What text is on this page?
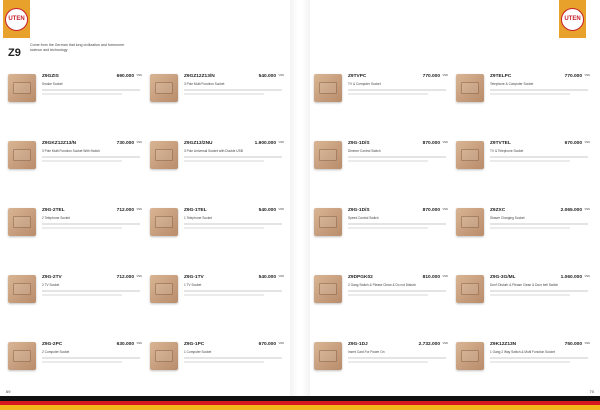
UTEN
Z9
Come from the German that long civilization and forerunner science and technology
Z9GZIS	690.000 VND
Smoke Socket
Z9GZ12Z13/N	540.000 VND
3 Pole Multi Function Socket
Z9GKZ12Z13/N	730.000 VND
3 Pole Multi Function Socket With Switch
Z9GZ13/2NU	1.900.000 VND
3 Pole Universal Socket with Double USB
Z9G-2TEL	712.000 VND
2 Telephone Socket
Z9G-1TEL	540.000 VND
1 Telephone Socket
Z9G-2TV	712.000 VND
2 TV Socket
Z9G-1TV	540.000 VND
1 TV Socket
Z9G-2PC	630.000 VND
2 Computer Socket
Z9G-1PC	670.000 VND
1 Computer Socket
69
UTEN
Z9TVPC	770.000 VND
TV & Computer Socket
Z9TELPC	770.000 VND
Telephone & Computer Socket
Z9G-1D/S	870.000 VND
Dimmer Control Switch
Z9TVTEL	670.000 VND
TV & Telephone Socket
Z9G-1D/S	870.000 VND
Speed Control Switch
Z9ZXC	2.065.000 VND
Shaver Charging Socket
Z9DPGK02	810.000 VND
2 Gang Switch & Please Clean & Do not Disturb
Z9G-3G/ML	1.060.000 VND
Don't Disturb & Please Clean & Door bell Switch
Z9G-1DJ	2.732.000 VND
Insert Card For Power On
Z9K12Z13N	750.000 VND
1 Gang 2 Way Switch & Multi Function Socket
70
